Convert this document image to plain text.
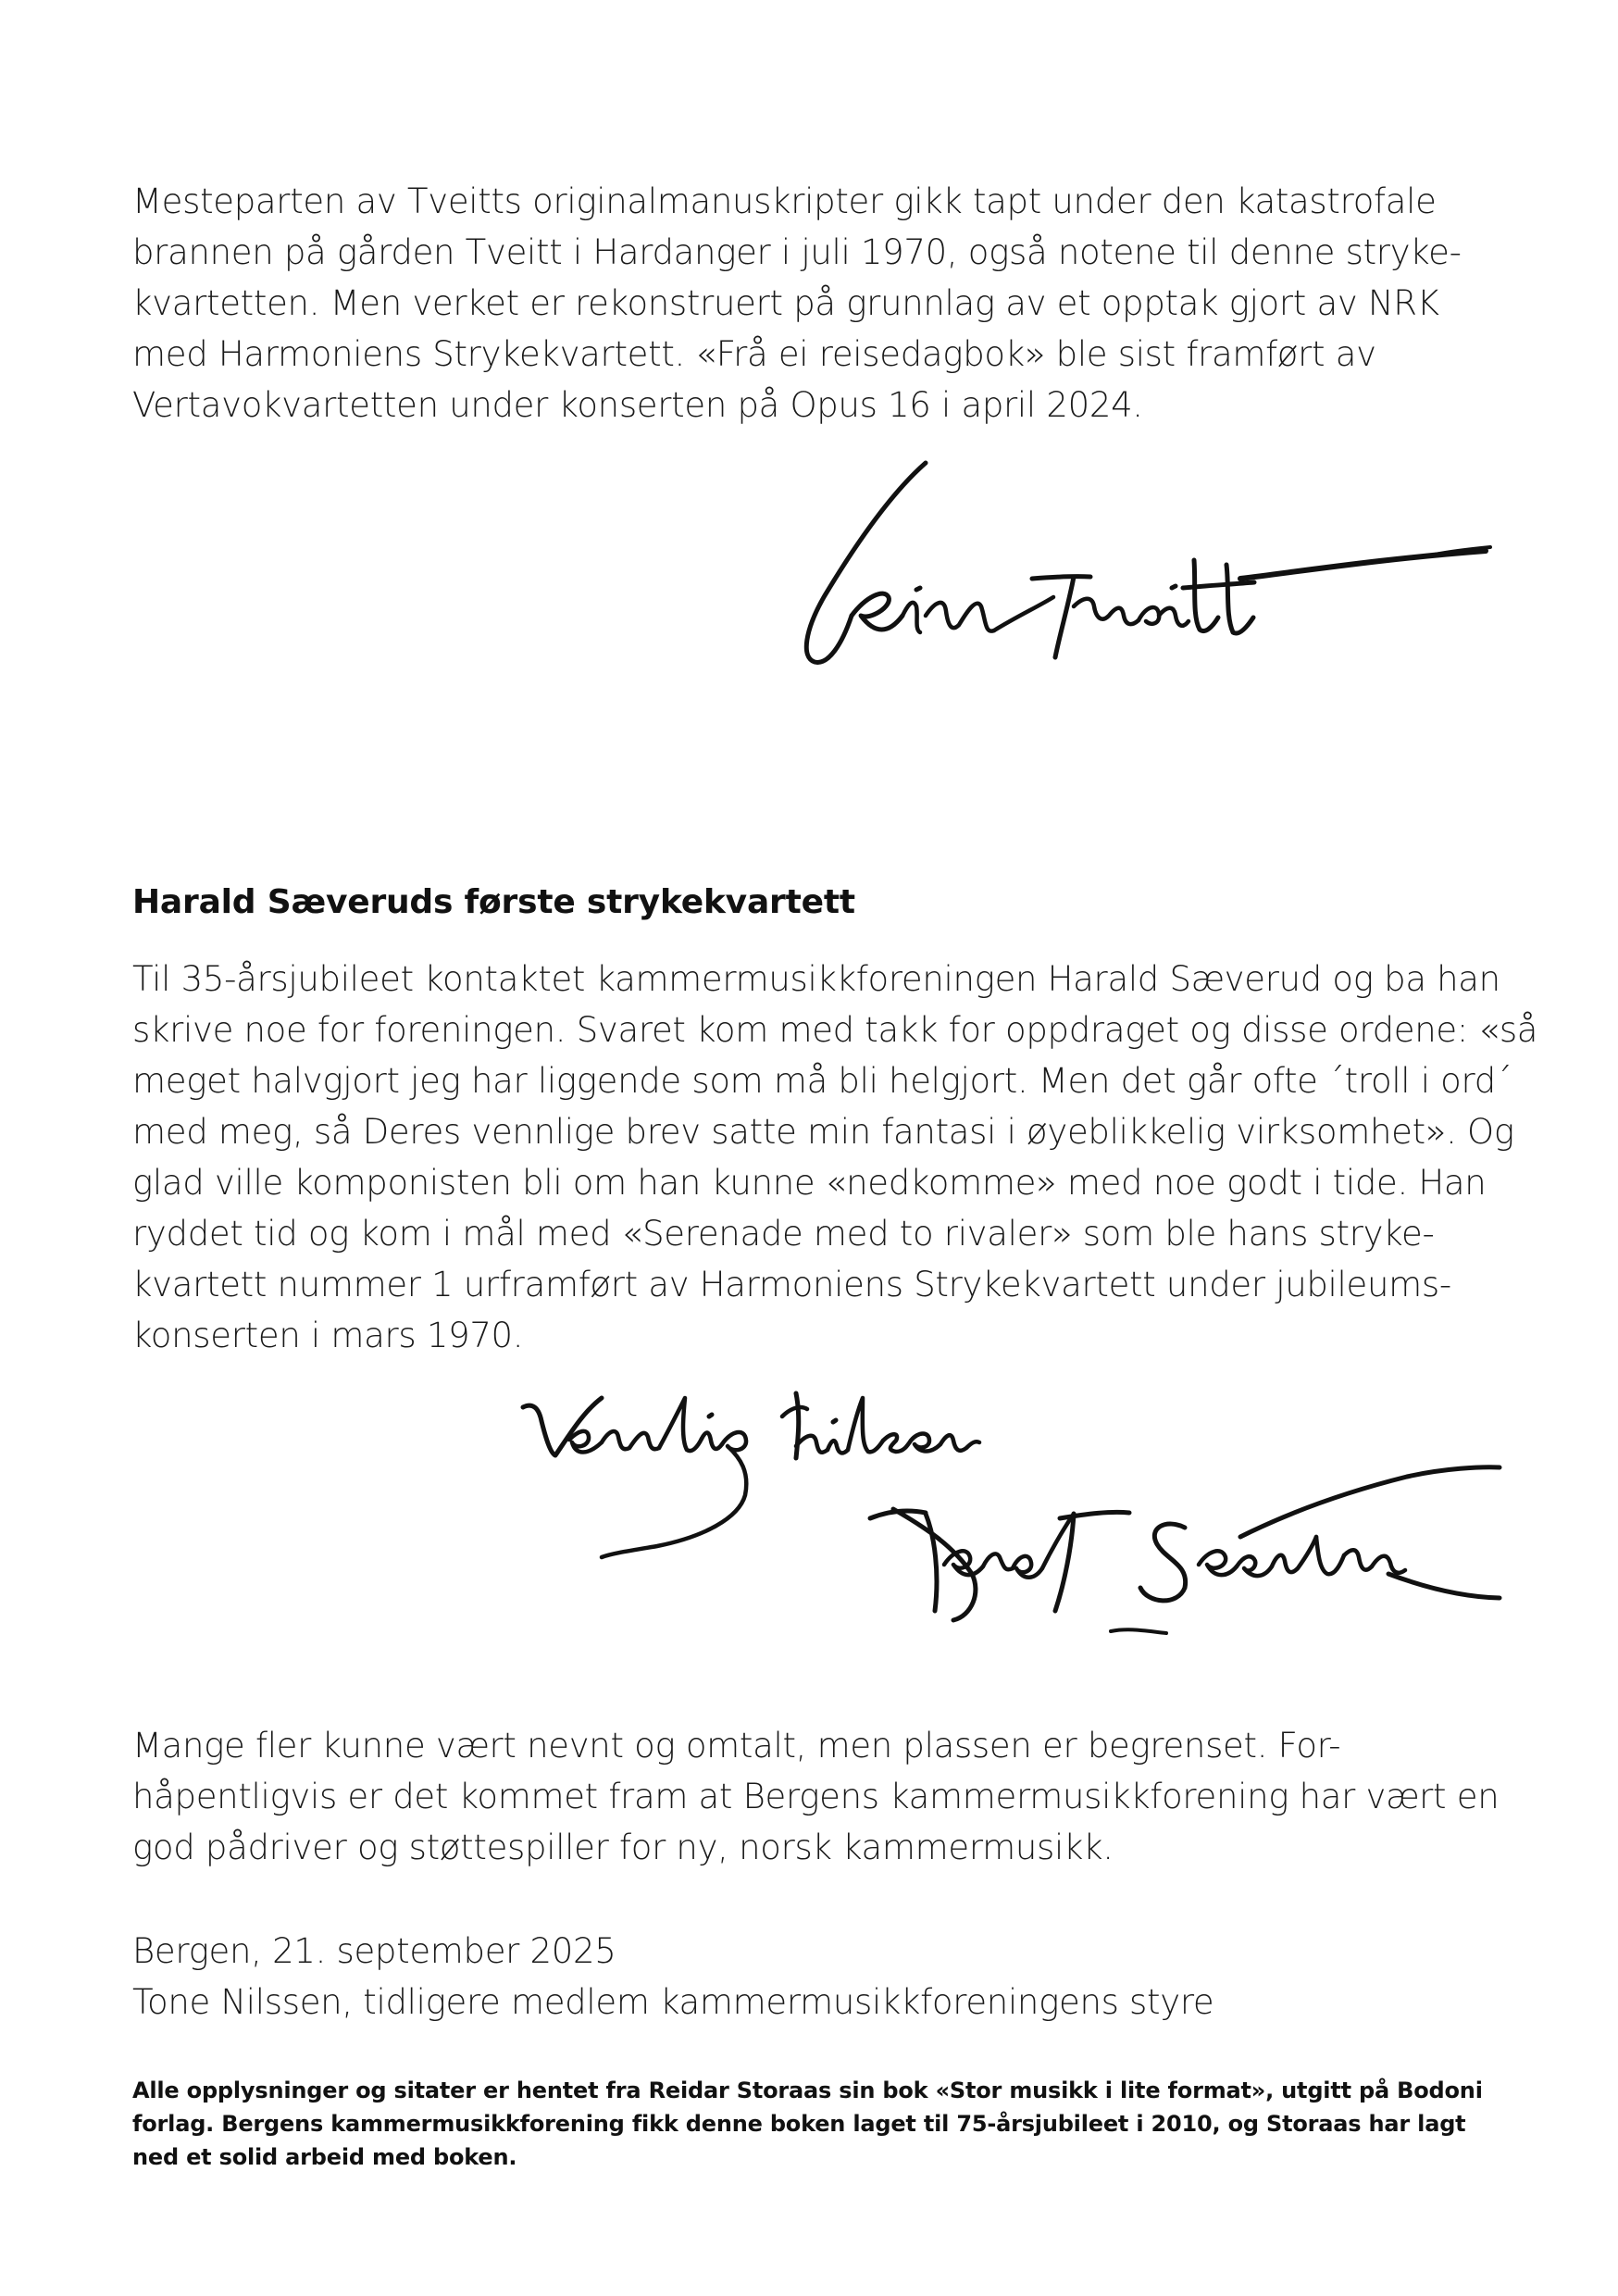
Mesteparten av Tveitts originalmanuskripter gikk tapt under den katastrofale
brannen på gården Tveitt i Hardanger i juli 1970, også notene til denne stryke-
kvartetten. Men verket er rekonstruert på grunnlag av et opptak gjort av NRK
med Harmoniens Strykekvartett. «Frå ei reisedagbok» ble sist framført av
Vertavokvartetten under konserten på Opus 16 i april 2024.

Harald Sæveruds første strykekvartett

Til 35-årsjubileet kontaktet kammermusikkforeningen Harald Sæverud og ba han
skrive noe for foreningen. Svaret kom med takk for oppdraget og disse ordene: «så
meget halvgjort jeg har liggende som må bli helgjort. Men det går ofte ´troll i ord´
med meg, så Deres vennlige brev satte min fantasi i øyeblikkelig virksomhet». Og
glad ville komponisten bli om han kunne «nedkomme» med noe godt i tide. Han
ryddet tid og kom i mål med «Serenade med to rivaler» som ble hans stryke-
kvartett nummer 1 urframført av Harmoniens Strykekvartett under jubileums-
konserten i mars 1970.

Mange fler kunne vært nevnt og omtalt, men plassen er begrenset. For-
håpentligvis er det kommet fram at Bergens kammermusikkforening har vært en
god pådriver og støttespiller for ny, norsk kammermusikk.

Bergen, 21. september 2025
Tone Nilssen, tidligere medlem kammermusikkforeningens styre

Alle opplysninger og sitater er hentet fra Reidar Storaas sin bok «Stor musikk i lite format», utgitt på Bodoni
forlag. Bergens kammermusikkforening fikk denne boken laget til 75-årsjubileet i 2010, og Storaas har lagt
ned et solid arbeid med boken.
